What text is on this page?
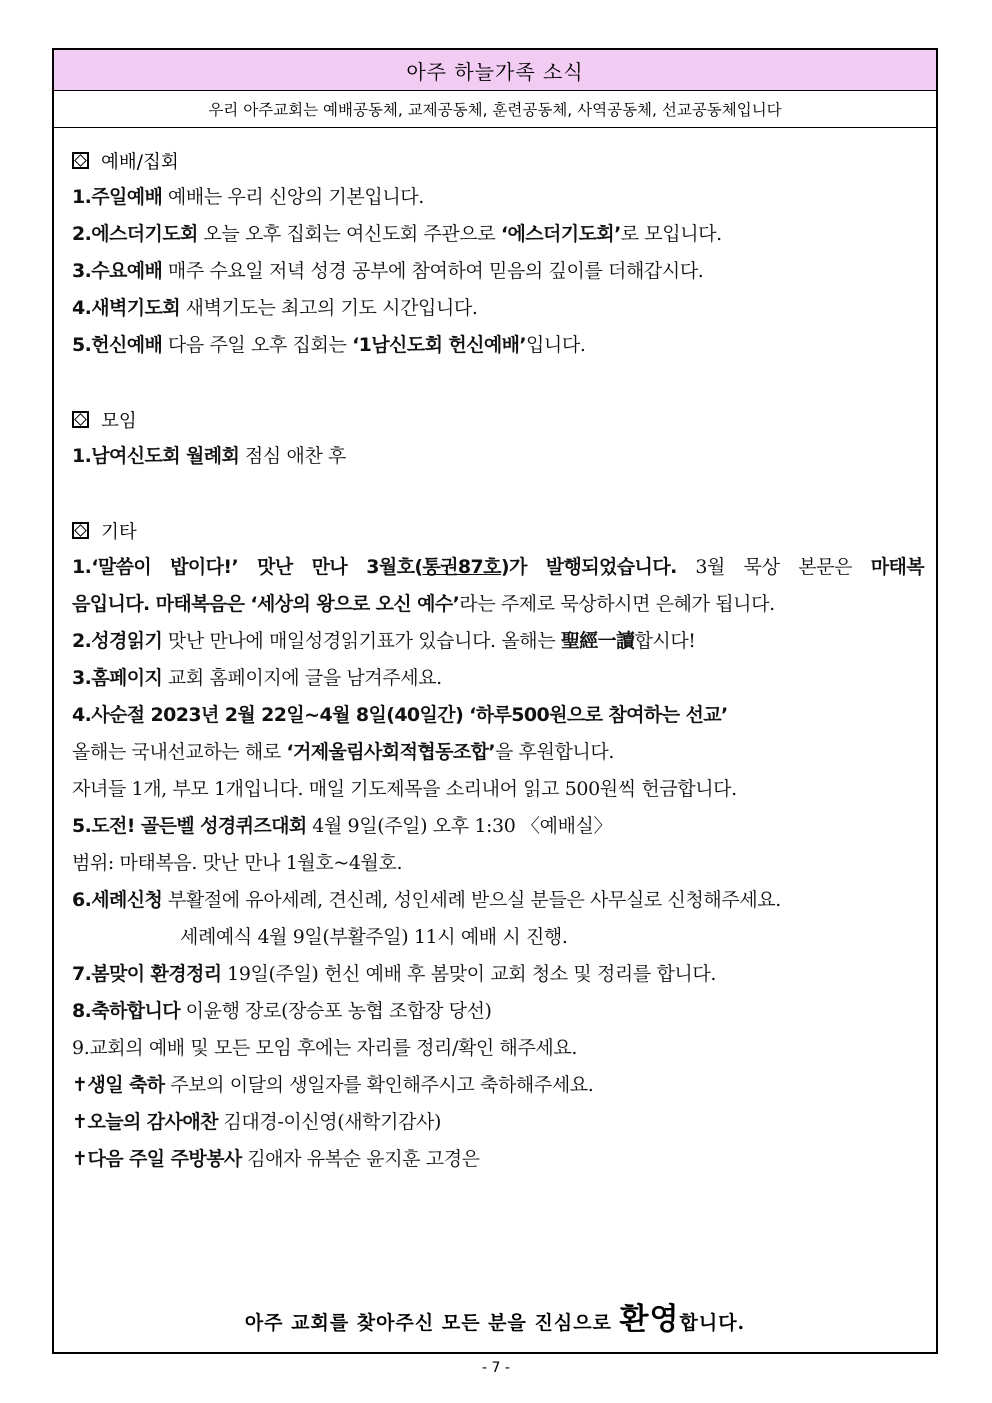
아주 하늘가족 소식
우리 아주교회는 예배공동체, 교제공동체, 훈련공동체, 사역공동체, 선교공동체입니다
예배/집회
1.주일예배 예배는 우리 신앙의 기본입니다.
2.에스더기도회 오늘 오후 집회는 여신도회 주관으로 ‘에스더기도회’로 모입니다.
3.수요예배 매주 수요일 저녁 성경 공부에 참여하여 믿음의 깊이를 더해갑시다.
4.새벽기도회 새벽기도는 최고의 기도 시간입니다.
5.헌신예배 다음 주일 오후 집회는 ‘1남신도회 헌신예배’입니다.
모임
1.남여신도회 월례회 점심 애찬 후
기타
1.‘말씀이 밥이다!’ 맛난 만나 3월호(통권87호)가 발행되었습니다. 3월 묵상 본문은 마태복
음입니다. 마태복음은 ‘세상의 왕으로 오신 예수’라는 주제로 묵상하시면 은혜가 됩니다.
2.성경읽기 맛난 만나에 매일성경읽기표가 있습니다. 올해는 聖經一讀합시다!
3.홈페이지 교회 홈페이지에 글을 남겨주세요.
4.사순절 2023년 2월 22일~4월 8일(40일간) ‘하루500원으로 참여하는 선교’
올해는 국내선교하는 해로 ‘거제울림사회적협동조합’을 후원합니다.
자녀들 1개, 부모 1개입니다. 매일 기도제목을 소리내어 읽고 500원씩 헌금합니다.
5.도전! 골든벨 성경퀴즈대회 4월 9일(주일) 오후 1:30 〈예배실〉
범위: 마태복음. 맛난 만나 1월호~4월호.
6.세례신청 부활절에 유아세례, 견신례, 성인세례 받으실 분들은 사무실로 신청해주세요.
세례예식 4월 9일(부활주일) 11시 예배 시 진행.
7.봄맞이 환경정리 19일(주일) 헌신 예배 후 봄맞이 교회 청소 및 정리를 합니다.
8.축하합니다 이윤행 장로(장승포 농협 조합장 당선)
9.교회의 예배 및 모든 모임 후에는 자리를 정리/확인 해주세요.
✝생일 축하 주보의 이달의 생일자를 확인해주시고 축하해주세요.
✝오늘의 감사애찬 김대경-이신영(새학기감사)
✝다음 주일 주방봉사 김애자 유복순 윤지훈 고경은
아주 교회를 찾아주신 모든 분을 진심으로 환영합니다.
- 7 -
